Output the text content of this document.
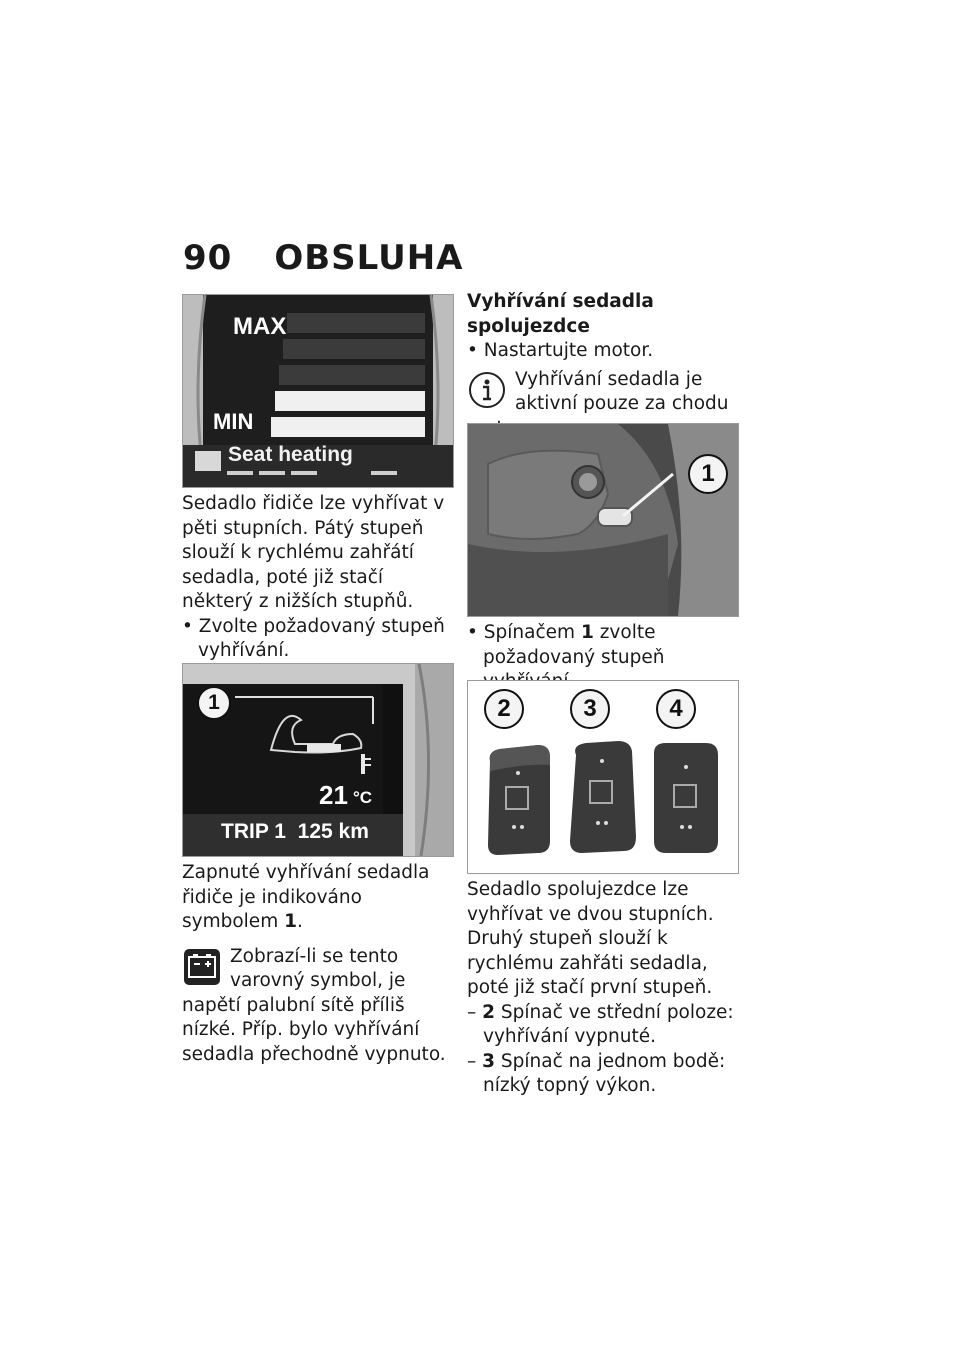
90 OBSLUHA
MAX
MIN
Seat heating

Sedadlo řidiče lze vyhřívat v pěti stupních. Pátý stupeň slouží k rychlému zahřátí sedadla, poté již stačí některý z nižších stupňů.

• Zvolte požadovaný stupeň vyhřívání.

1
21 °C
TRIP 1  125 km

Zapnuté vyhřívání sedadla řidiče je indikováno symbolem 1.

Zobrazí-li se tento varovný symbol, je napětí palubní sítě příliš nízké. Příp. bylo vyhřívání sedadla přechodně vypnuto.

Vyhřívání sedadla spolujezdce

• Nastartujte motor.

Vyhřívání sedadla je aktivní pouze za chodu

1

• Spínačem 1 zvolte požadovaný stupeň

2	3	4

Sedadlo spolujezdce lze vyhřívat ve dvou stupních. Druhý stupeň slouží k rychlému zahřáti sedadla, poté již stačí první stupeň.

– 2 Spínač ve střední poloze: vyhřívání vypnuté.

– 3 Spínač na jednom bodě: nízký topný výkon.
